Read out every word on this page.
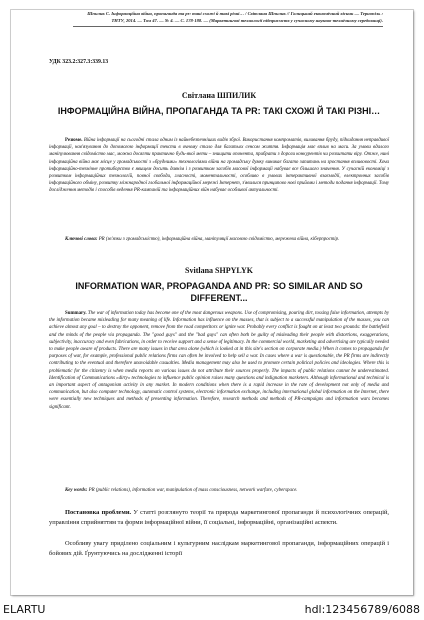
Шпилик С. Інформаційна війна, пропаганда та pr: такі схожі й такі різні… / Світлана Шпилик // Галицький економічний вісник — Тернопіль : ТНТУ, 2014. — Том 47. — № 4. — С. 178-188. — (Маркетингові технології підприємств у сучасному науково-технічному середовищі).
УДК 323.2:327.3:339.13
Світлана ШПИЛИК
ІНФОРМАЦІЙНА ВІЙНА, ПРОПАГАНДА ТА PR: ТАКІ СХОЖІ Й ТАКІ РІЗНІ…
Резюме. Війна інформації на сьогодні стала одним із найнебезпечніших видів зброї. Використання компроматів, виливання бруду, підкидання неправдивої інформації, нав'язування до допомогою інформації тексти в очному стало для багатьох сенсом життя. Інформація має вплив на маси. За умови вдалого маніпулювання свідомістю мас, можна досягти практично будь-якої мети – знищити опонента, прибрати з дороги конкурентів чи розхитати віру. Отже, нині інформаційна війна має місце у громадськості з «брудними» технологіями війни на громадську думку виникає багато запитань на зростання впливовості. Хоча інформаційно-технічне протиборство є явищем досить давнім і з розвитком засобів масової інформації набуває все більшого значення. У сучасній економіці з розвитком інформаційних технологій, повної свободи, гласності, моментальності, особливо в умовах інтерактивної взаємодії, електронних засобів інформаційного обміну, розвитку міжнародної глобальної інформаційної мережі Інтернет, з'явилися принципово нові прийоми і методи подання інформації. Тому дослідження методів і способів ведення PR-кампаній та інформаційних війн набуває особливої актуальності.
Ключові слова: PR (зв'язки з громадськістю), інформаційна війна, маніпуляції масовою свідомістю, мережева війна, кіберпростір.
Svitlana SHPYLYK
INFORMATION WAR, PROPAGANDA AND PR: SO SIMILAR AND SO DIFFERENT...
Summary. The war of information today has become one of the most dangerous weapons. Use of compromising, pouring dirt, tossing false information, attempts by the information became misleading for many meaning of life. Information has influence on the masses, that is subject to a successful manipulation of the masses, you can achieve almost any goal – to destroy the opponent, remove from the road competitors or ignite war. Probably every conflict is fought on at least two grounds: the battlefield and the minds of the people via propaganda. The "good guys" and the "bad guys" can often both be guilty of misleading their people with distortions, exaggerations, subjectivity, inaccuracy and even fabrications, in order to receive support and a sense of legitimacy. In the commercial world, marketing and advertising are typically needed to make people aware of products. There are many issues in that area alone (which is looked at in this site's section on corporate media.) When it comes to propaganda for purposes of war, for example, professional public relations firms can often be involved to help sell a war. In cases where a war is questionable, the PR firms are indirectly contributing to the eventual and therefore unavoidable casualties. Media management may also be used to promote certain political policies and ideologies. Where this is problematic for the citizenry is when media reports on various issues do not attribute their sources properly. The impacts of public relations cannot be underestimated. Identification of Communications «dirty» technologies to influence public opinion raises many questions and indignation marketers. Although informational and technical is an important aspect of antagonism activity in any market. In modern conditions when there is a rapid increase in the rate of development not only of media and communication, but also computer technology, automatic control systems, electronic information exchange, including international global information on the Internet, there were essentially new techniques and methods of presenting information. Therefore, research methods and methods of PR-campaigns and information wars becomes significant.
Key words: PR (public relations), information war, manipulation of mass consciousness, network warfare, cyberspace.
Постановка проблеми. У статті розглянуто теорії та природа маркетингової пропаганди й психологічних операцій, управління сприйняттям та форми інформаційної війни, її соціальні, інформаційні, організаційні аспекти.
Особливу увагу приділено соціальним і культурним наслідкам маркетингової пропаганди, інформаційних операцій і бойових дій. Ґрунтуючись на дослідженні історії
ELARTU	hdl:123456789/6088
